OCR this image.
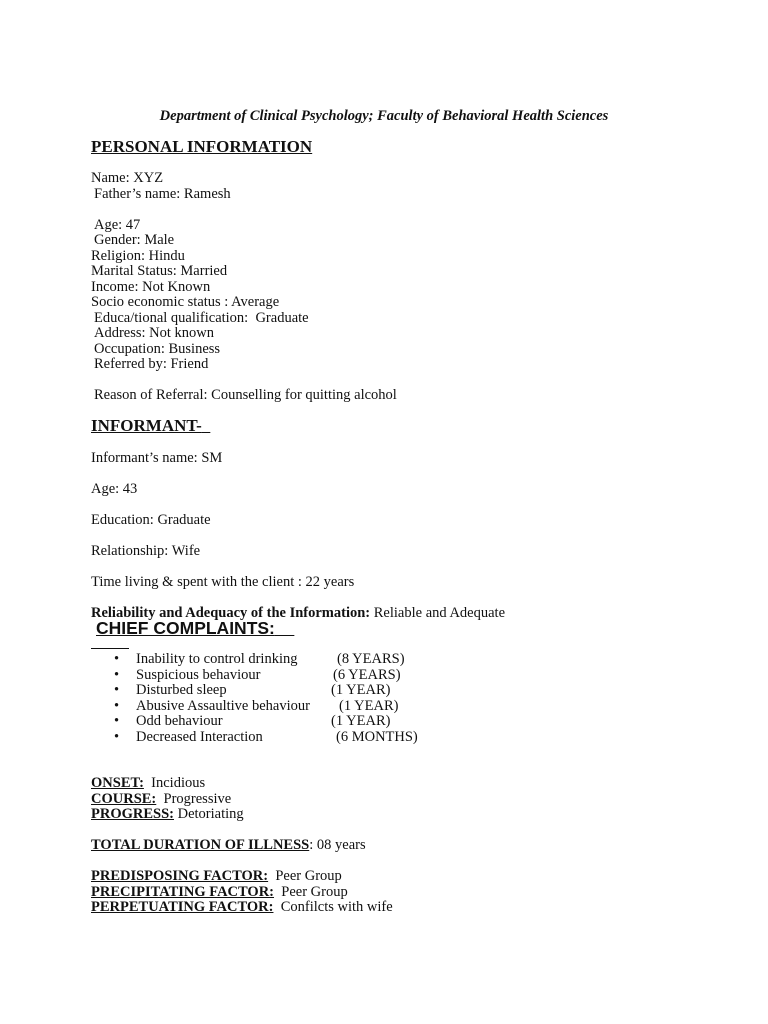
Department of Clinical Psychology; Faculty of Behavioral Health Sciences
PERSONAL INFORMATION
Name: XYZ
Father’s name: Ramesh
Age: 47
Gender: Male
Religion: Hindu
Marital Status: Married
Income: Not Known
Socio economic status : Average
Educa/tional qualification:  Graduate
Address: Not known
Occupation: Business
Referred by: Friend
Reason of Referral: Counselling for quitting alcohol
INFORMANT-
Informant’s name: SM
Age: 43
Education: Graduate
Relationship: Wife
Time living & spent with the client : 22 years
Reliability and Adequacy of the Information: Reliable and Adequate
CHIEF COMPLAINTS:
• Inability to control drinking	(8 YEARS)
• Suspicious behaviour	(6 YEARS)
• Disturbed sleep	(1 YEAR)
• Abusive Assaultive behaviour (1 YEAR)
• Odd behaviour	(1 YEAR)
• Decreased Interaction	(6 MONTHS)
ONSET:  Incidious
COURSE:  Progressive
PROGRESS: Detoriating
TOTAL DURATION OF ILLNESS: 08 years
PREDISPOSING FACTOR:  Peer Group
PRECIPITATING FACTOR:  Peer Group
PERPETUATING FACTOR:  Confilcts with wife
